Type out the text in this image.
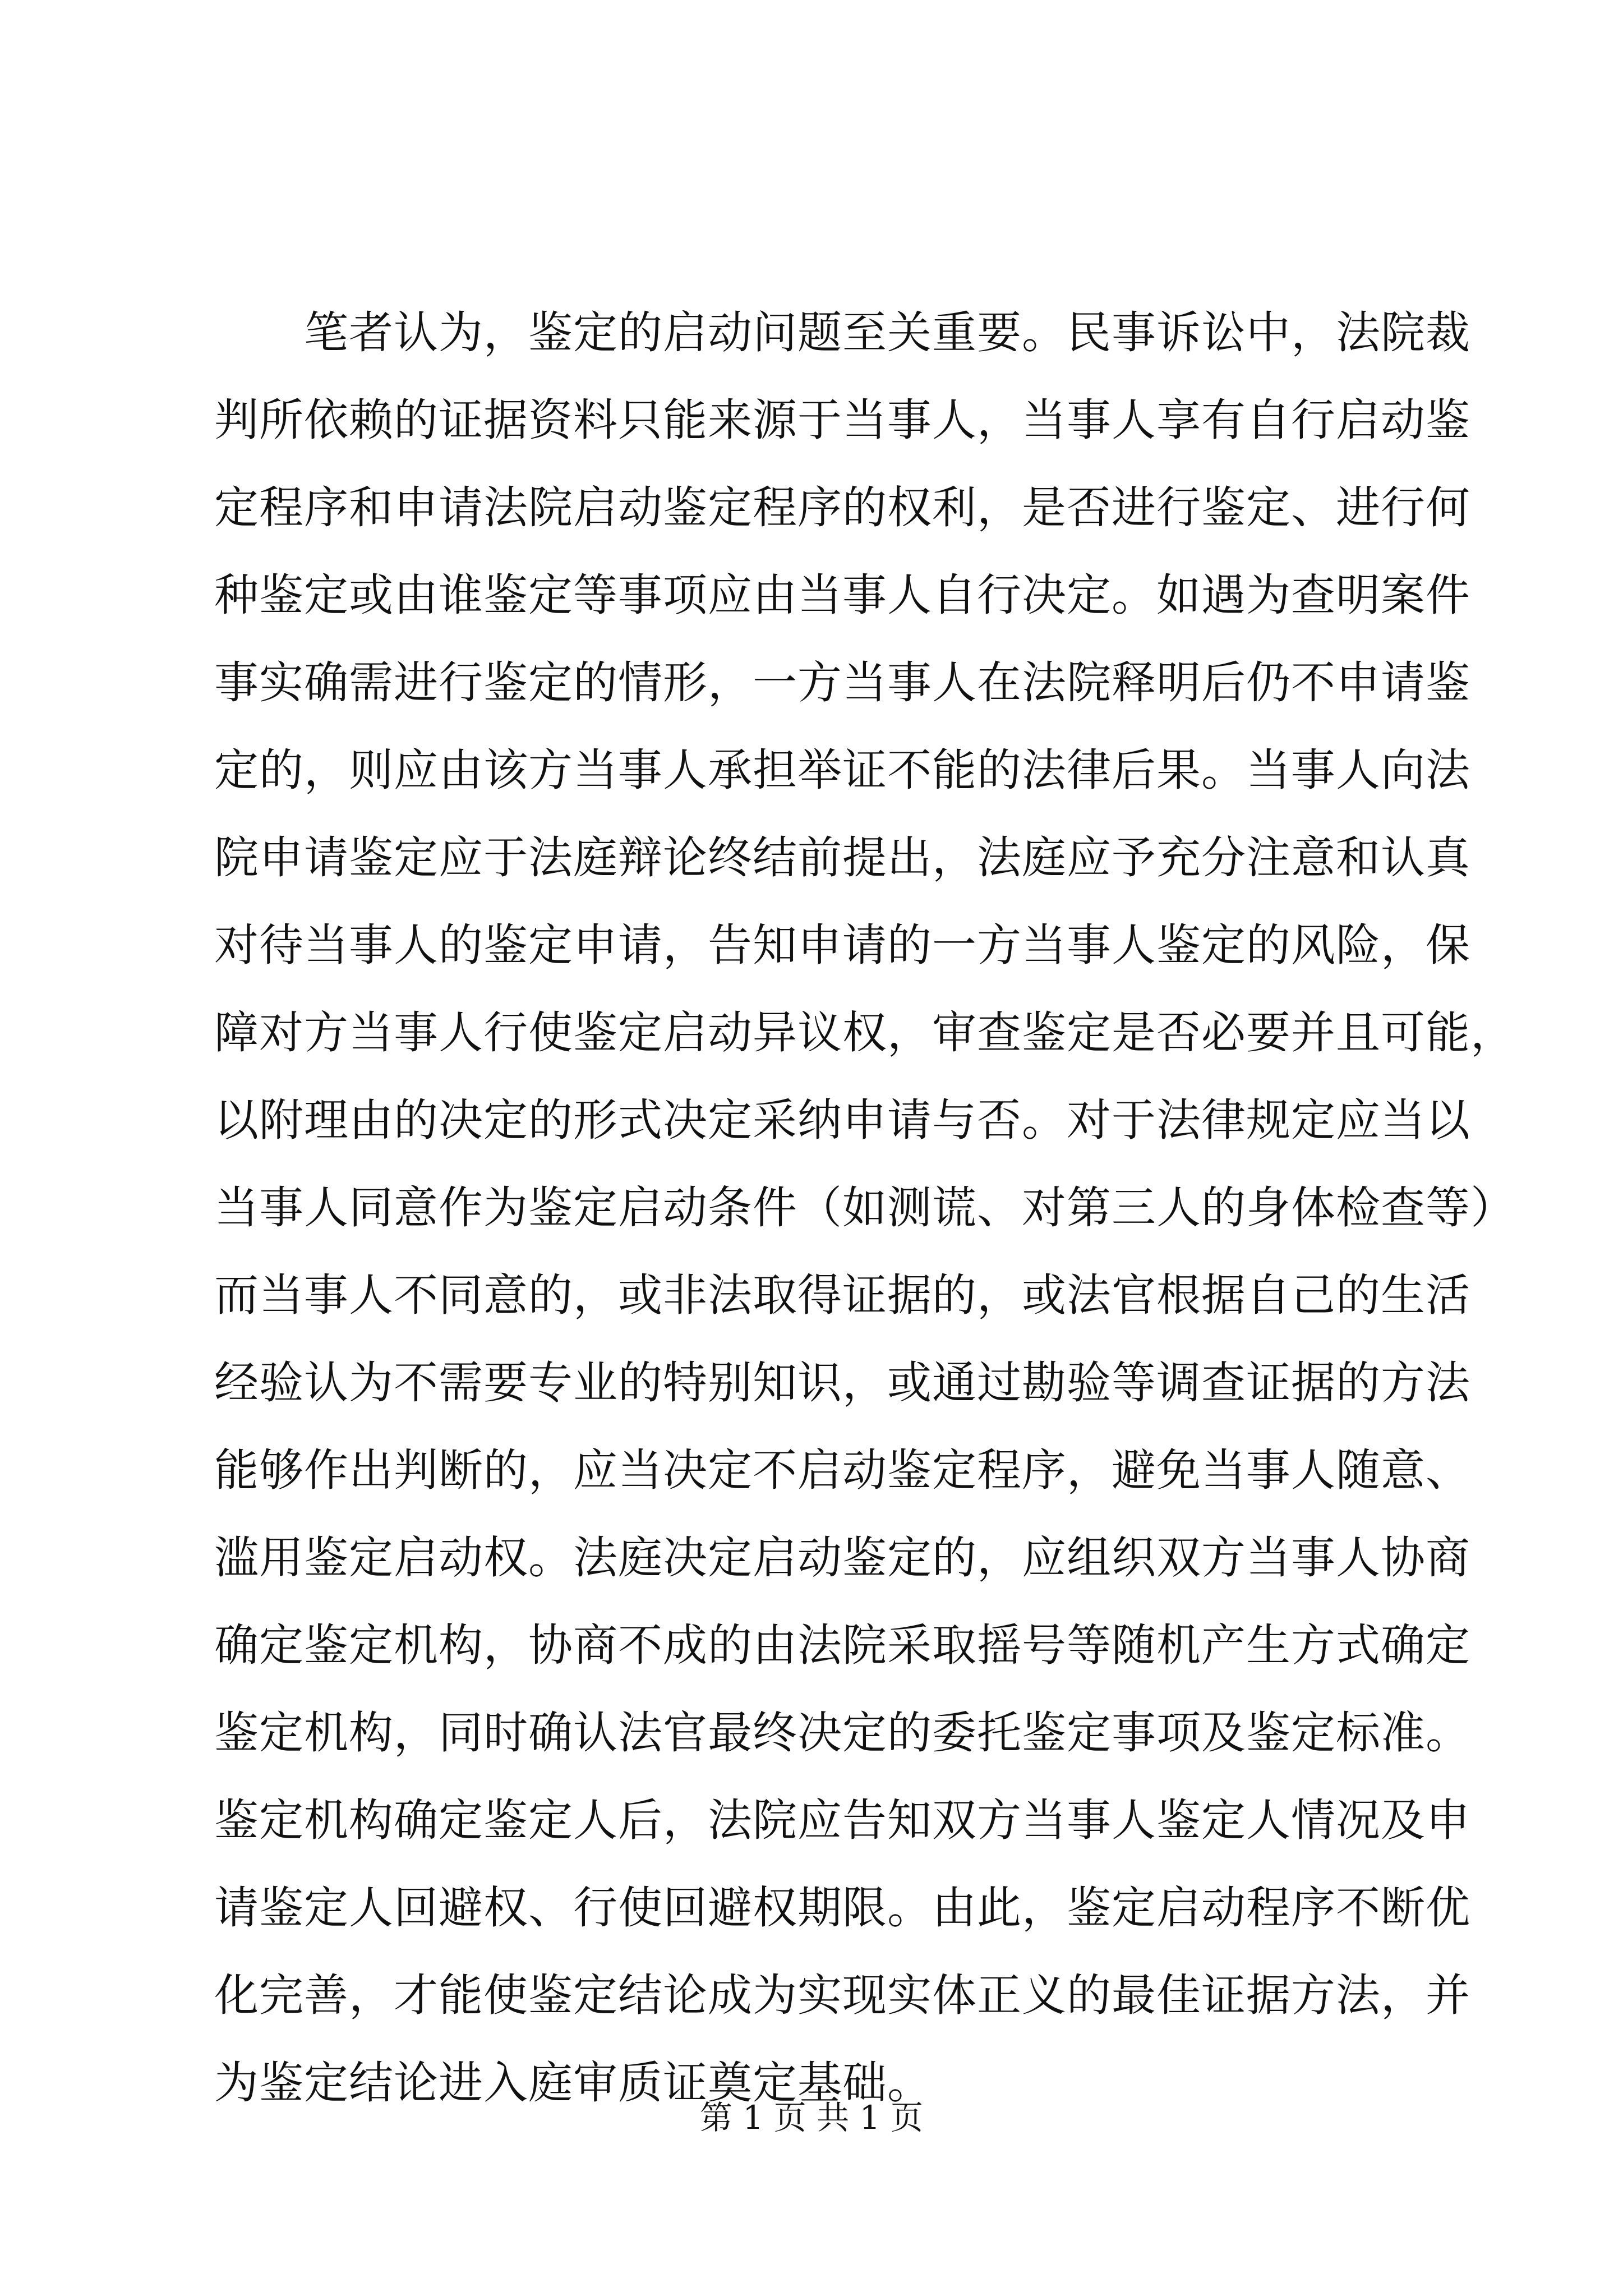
笔者认为，鉴定的启动问题至关重要。民事诉讼中，法院裁
判所依赖的证据资料只能来源于当事人，当事人享有自行启动鉴
定程序和申请法院启动鉴定程序的权利，是否进行鉴定、进行何
种鉴定或由谁鉴定等事项应由当事人自行决定。如遇为查明案件
事实确需进行鉴定的情形，一方当事人在法院释明后仍不申请鉴
定的，则应由该方当事人承担举证不能的法律后果。当事人向法
院申请鉴定应于法庭辩论终结前提出，法庭应予充分注意和认真
对待当事人的鉴定申请，告知申请的一方当事人鉴定的风险，保
障对方当事人行使鉴定启动异议权，审查鉴定是否必要并且可能，
以附理由的决定的形式决定采纳申请与否。对于法律规定应当以
当事人同意作为鉴定启动条件（如测谎、对第三人的身体检查等）
而当事人不同意的，或非法取得证据的，或法官根据自己的生活
经验认为不需要专业的特别知识，或通过勘验等调查证据的方法
能够作出判断的，应当决定不启动鉴定程序，避免当事人随意、
滥用鉴定启动权。法庭决定启动鉴定的，应组织双方当事人协商
确定鉴定机构，协商不成的由法院采取摇号等随机产生方式确定
鉴定机构，同时确认法官最终决定的委托鉴定事项及鉴定标准。
鉴定机构确定鉴定人后，法院应告知双方当事人鉴定人情况及申
请鉴定人回避权、行使回避权期限。由此，鉴定启动程序不断优
化完善，才能使鉴定结论成为实现实体正义的最佳证据方法，并
为鉴定结论进入庭审质证奠定基础。
第 1 页 共 1 页
